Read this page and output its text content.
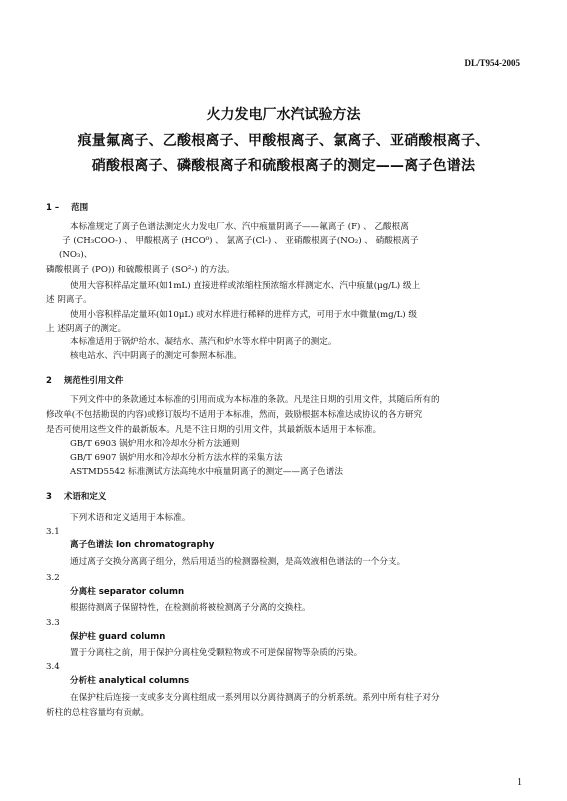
DL/T954-2005
火力发电厂水汽试验方法
痕量氟离子、乙酸根离子、甲酸根离子、氯离子、亚硝酸根离子、
硝酸根离子、磷酸根离子和硫酸根离子的测定——离子色谱法
1 – 范围
本标准规定了离子色谱法测定火力发电厂水、汽中痕量阴离子——氟离子 (F) 、 乙酸根离
子 (CH₃COO-) 、 甲酸根离子 (HCO⁰) 、 氯离子(Cl-) 、 亚硝酸根离子(NO₂) 、 硝酸根离子
(NO₃)、
磷酸根离子 (PO)) 和硫酸根离子 (SO²-) 的方法。
使用大容积样品定量环(如1mL) 直接进样或浓缩柱预浓缩水样测定水、汽中痕量(μg/L) 级上
述 阴离子。
使用小容积样品定量环(如10μL) 或对水样进行稀释的进样方式，可用于水中微量(mg/L) 级
上 述阴离子的测定。
本标准适用于锅炉给水、凝结水、蒸汽和炉水等水样中阴离子的测定。
核电站水、汽中阴离子的测定可参照本标准。
2 规范性引用文件
下列文件中的条款通过本标准的引用而成为本标准的条款。凡是注日期的引用文件，其随后所有的
修改单(不包括勘误的内容)或修订版均不适用于本标准，然而，鼓励根据本标准达成协议的各方研究
是否可使用这些文件的最新版本。凡是不注日期的引用文件，其最新版本适用于本标准。
GB/T 6903 锅炉用水和冷却水分析方法通则
GB/T 6907 锅炉用水和冷却水分析方法水样的采集方法
ASTMD5542 标准测试方法高纯水中痕量阴离子的测定——离子色谱法
3 术语和定义
下列术语和定义适用于本标准。
3.1
离子色谱法 Ion chromatography
通过离子交换分离离子组分，然后用适当的检测器检测，是高效液相色谱法的一个分支。
3.2
分离柱 separator column
根据待测离子保留特性，在检测前将被检测离子分离的交换柱。
3.3
保护柱 guard column
置于分离柱之前，用于保护分离柱免受颗粒物或不可逆保留物等杂质的污染。
3.4
分析柱 analytical columns
在保护柱后连接一支或多支分离柱组成一系列用以分离待测离子的分析系统。系列中所有柱子对分
析柱的总柱容量均有贡献。
1
